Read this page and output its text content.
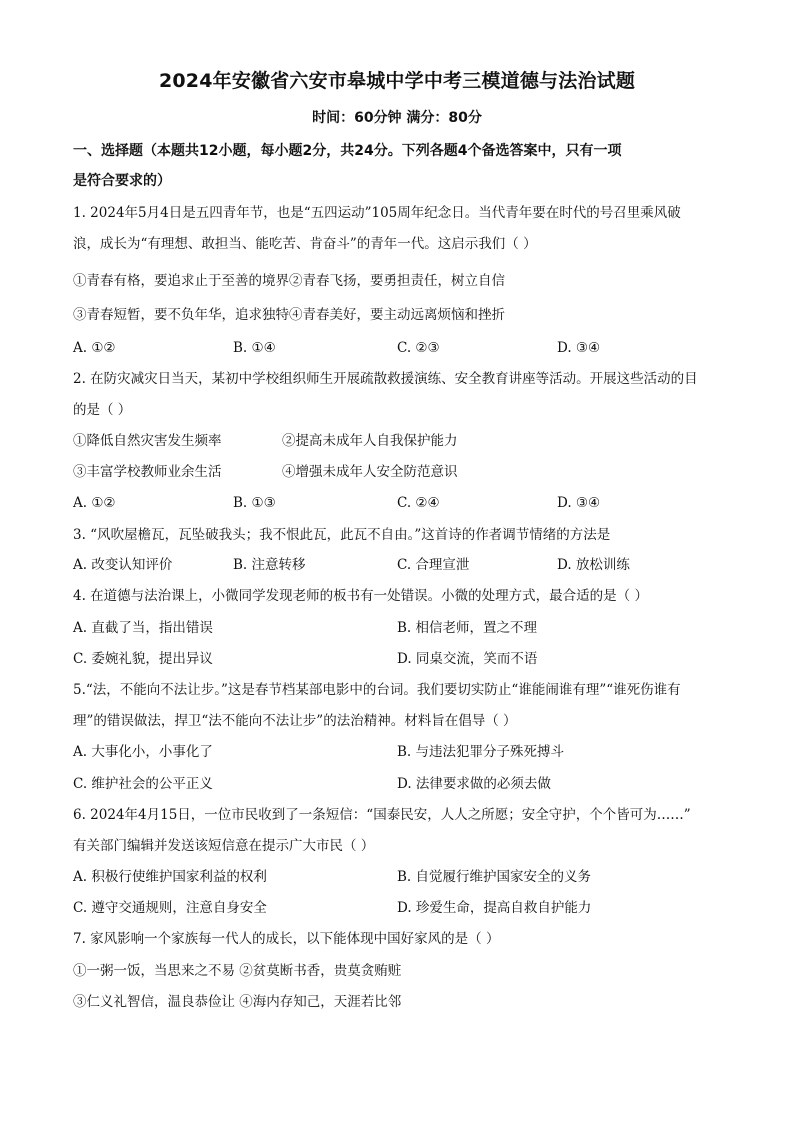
2024年安徽省六安市皋城中学中考三模道德与法治试题
时间：60分钟 满分：80分
一、选择题（本题共12小题，每小题2分，共24分。下列各题4个备选答案中，只有一项
是符合要求的）
1. 2024年5月4日是五四青年节，也是“五四运动”105周年纪念日。当代青年要在时代的号召里乘风破
浪，成长为“有理想、敢担当、能吃苦、肯奋斗”的青年一代。这启示我们（ ）
①青春有格，要追求止于至善的境界②青春飞扬，要勇担责任，树立自信
③青春短暂，要不负年华，追求独特④青春美好，要主动远离烦恼和挫折
A. ①②	B. ①④	C. ②③	D. ③④
2. 在防灾减灾日当天，某初中学校组织师生开展疏散救援演练、安全教育讲座等活动。开展这些活动的目
的是（ ）
①降低自然灾害发生频率	②提高未成年人自我保护能力
③丰富学校教师业余生活	④增强未成年人安全防范意识
A. ①②	B. ①③	C. ②④	D. ③④
3. “风吹屋檐瓦，瓦坠破我头；我不恨此瓦，此瓦不自由。”这首诗的作者调节情绪的方法是
A. 改变认知评价	B. 注意转移	C. 合理宣泄	D. 放松训练
4. 在道德与法治课上，小微同学发现老师的板书有一处错误。小微的处理方式，最合适的是（ ）
A. 直截了当，指出错误	B. 相信老师，置之不理
C. 委婉礼貌，提出异议	D. 同桌交流，笑而不语
5.“法，不能向不法让步。”这是春节档某部电影中的台词。我们要切实防止“谁能闹谁有理”“谁死伤谁有
理”的错误做法，捍卫“法不能向不法让步”的法治精神。材料旨在倡导（ ）
A. 大事化小，小事化了	B. 与违法犯罪分子殊死搏斗
C. 维护社会的公平正义	D. 法律要求做的必须去做
6. 2024年4月15日，一位市民收到了一条短信：“国泰民安，人人之所愿；安全守护，个个皆可为……”
有关部门编辑并发送该短信意在提示广大市民（ ）
A. 积极行使维护国家利益的权利	B. 自觉履行维护国家安全的义务
C. 遵守交通规则，注意自身安全	D. 珍爱生命，提高自救自护能力
7. 家风影响一个家族每一代人的成长，以下能体现中国好家风的是（ ）
①一粥一饭，当思来之不易 ②贫莫断书香，贵莫贪贿赃
③仁义礼智信，温良恭俭让 ④海内存知己，天涯若比邻
